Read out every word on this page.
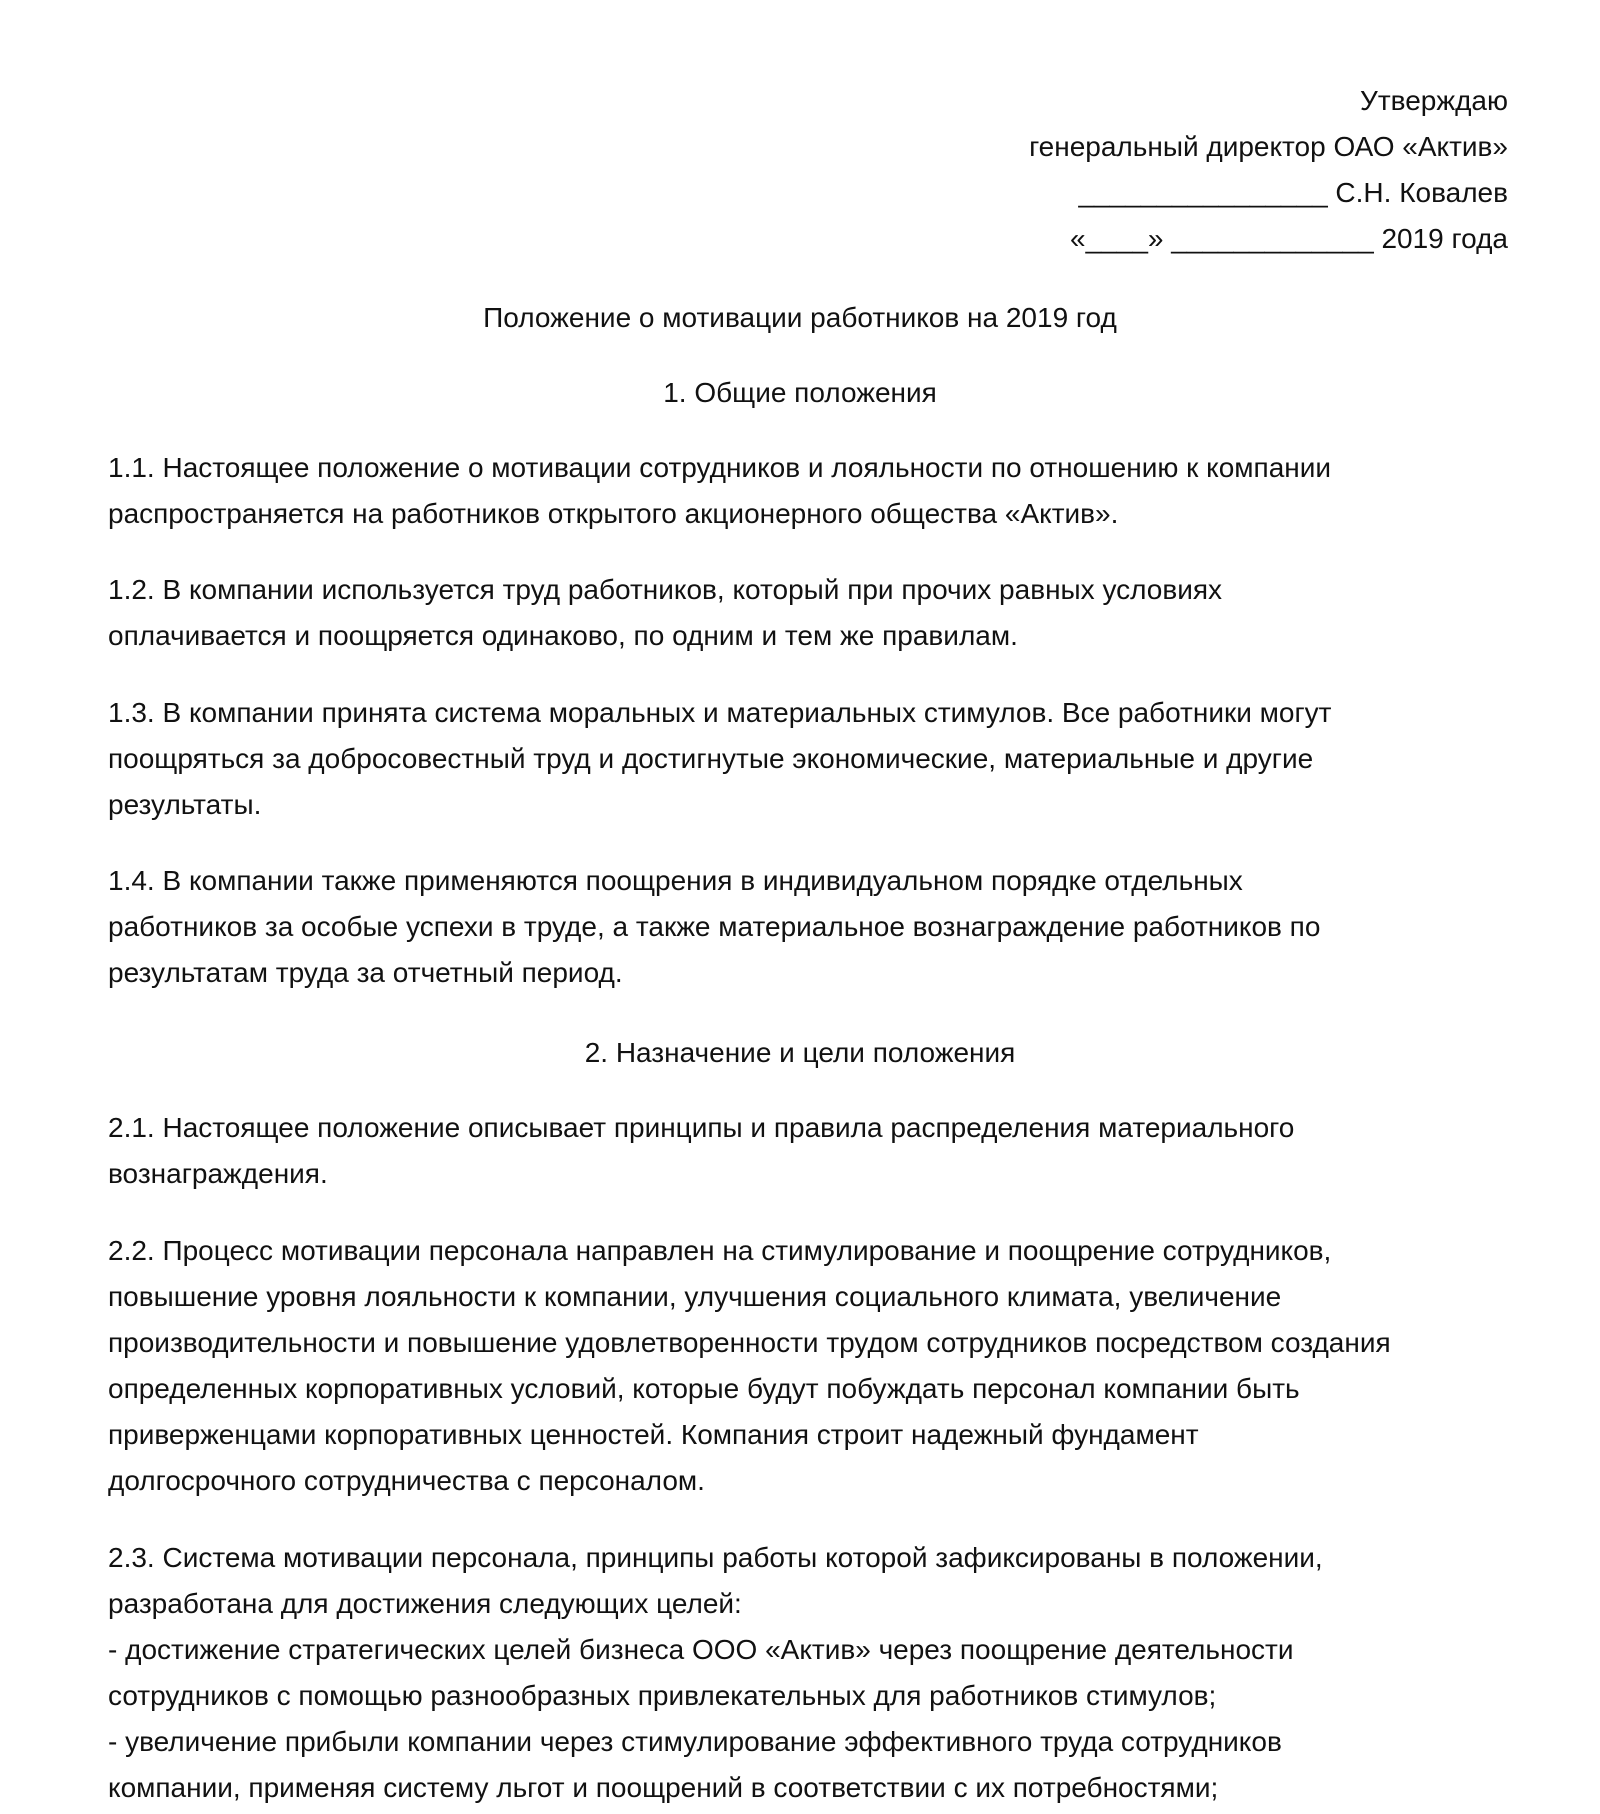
Утверждаю
генеральный директор ОАО «Актив»
________________ С.Н. Ковалев
«____» _____________ 2019 года
Положение о мотивации работников на 2019 год
1. Общие положения
1.1. Настоящее положение о мотивации сотрудников и лояльности по отношению к компании
распространяется на работников открытого акционерного общества «Актив».
1.2. В компании используется труд работников, который при прочих равных условиях
оплачивается и поощряется одинаково, по одним и тем же правилам.
1.3. В компании принята система моральных и материальных стимулов. Все работники могут
поощряться за добросовестный труд и достигнутые экономические, материальные и другие
результаты.
1.4. В компании также применяются поощрения в индивидуальном порядке отдельных
работников за особые успехи в труде, а также материальное вознаграждение работников по
результатам труда за отчетный период.
2. Назначение и цели положения
2.1. Настоящее положение описывает принципы и правила распределения материального
вознаграждения.
2.2. Процесс мотивации персонала направлен на стимулирование и поощрение сотрудников,
повышение уровня лояльности к компании, улучшения социального климата, увеличение
производительности и повышение удовлетворенности трудом сотрудников посредством создания
определенных корпоративных условий, которые будут побуждать персонал компании быть
приверженцами корпоративных ценностей. Компания строит надежный фундамент
долгосрочного сотрудничества с персоналом.
2.3. Система мотивации персонала, принципы работы которой зафиксированы в положении,
разработана для достижения следующих целей:
- достижение стратегических целей бизнеса ООО «Актив» через поощрение деятельности
сотрудников с помощью разнообразных привлекательных для работников стимулов;
- увеличение прибыли компании через стимулирование эффективного труда сотрудников
компании, применяя систему льгот и поощрений в соответствии с их потребностями;
